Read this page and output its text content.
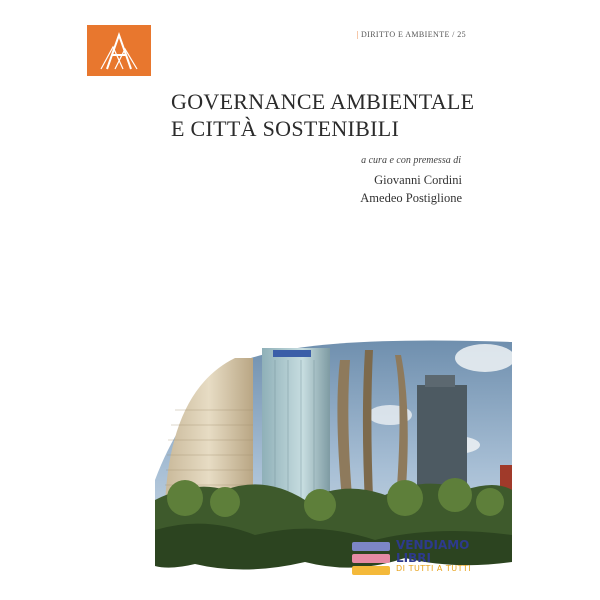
| DIRITTO E AMBIENTE / 25
GOVERNANCE AMBIENTALE
E CITTÀ SOSTENIBILI
a cura e con premessa di
Giovanni Cordini
Amedeo Postiglione
VENDIAMO
LIBRI
DI TUTTI A TUTTI
